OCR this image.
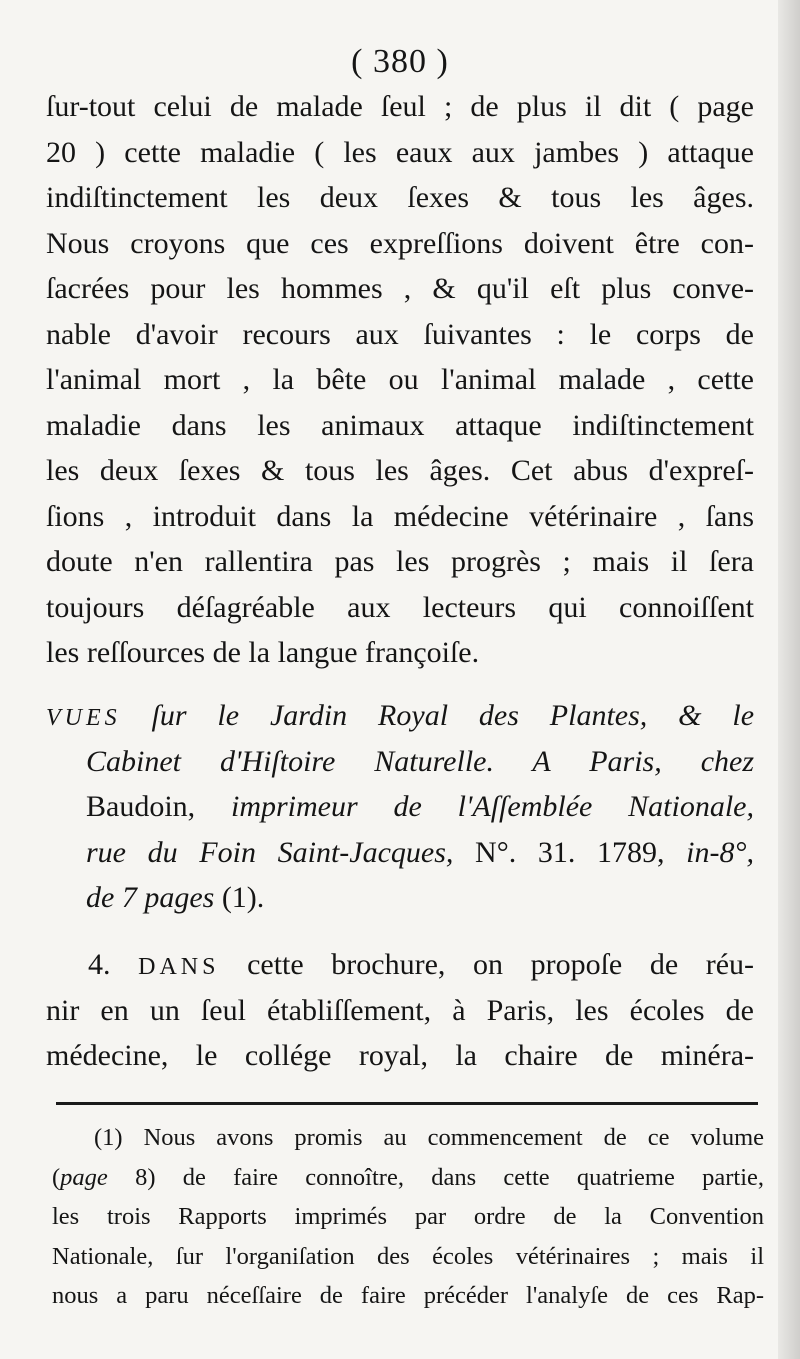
( 380 )
ſur-tout celui de malade ſeul ; de plus il dit ( page
20 ) cette maladie ( les eaux aux jambes ) attaque
indiſtinctement les deux ſexes & tous les âges.
Nous croyons que ces expreſſions doivent être con-
ſacrées pour les hommes , & qu'il eſt plus conve-
nable d'avoir recours aux ſuivantes : le corps de
l'animal mort , la bête ou l'animal malade , cette
maladie dans les animaux attaque indiſtinctement
les deux ſexes & tous les âges. Cet abus d'expreſ-
ſions , introduit dans la médecine vétérinaire , ſans
doute n'en rallentira pas les progrès ; mais il ſera
toujours déſagréable aux lecteurs qui connoiſſent
les reſſources de la langue françoiſe.
VUES ſur le Jardin Royal des Plantes, & le
Cabinet d'Hiſtoire Naturelle. A Paris, chez
Baudoin, imprimeur de l'Aſſemblée Nationale,
rue du Foin Saint-Jacques, N°. 31. 1789, in-8°,
de 7 pages (1).
4. DANS cette brochure, on propoſe de réu-
nir en un ſeul établiſſement, à Paris, les écoles de
médecine, le collége royal, la chaire de minéra-
(1) Nous avons promis au commencement de ce volume
(page 8) de faire connoître, dans cette quatrieme partie,
les trois Rapports imprimés par ordre de la Convention
Nationale, ſur l'organiſation des écoles vétérinaires ; mais il
nous a paru néceſſaire de faire précéder l'analyſe de ces Rap-
